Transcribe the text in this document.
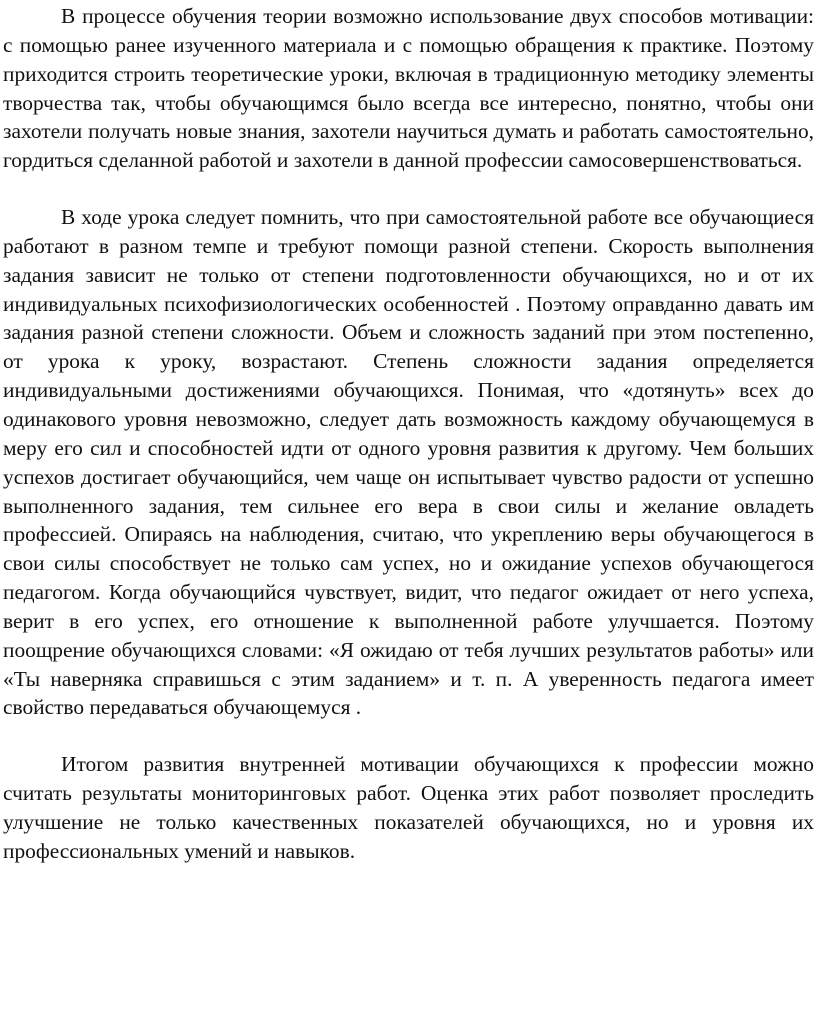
В процессе обучения теории возможно использование двух способов мотивации: с помощью ранее изученного материала и с помощью обращения к практике. Поэтому приходится строить теоретические уроки, включая в традиционную методику элементы творчества так, чтобы обучающимся было всегда все интересно, понятно, чтобы они захотели получать новые знания, захотели научиться думать и работать самостоятельно, гордиться сделанной работой и захотели в данной профессии самосовершенствоваться.

В ходе урока следует помнить, что при самостоятельной работе все обучающиеся работают в разном темпе и требуют помощи разной степени. Скорость выполнения задания зависит не только от степени подготовленности обучающихся, но и от их индивидуальных психофизиологических особенностей . Поэтому оправданно давать им задания разной степени сложности. Объем и сложность заданий при этом постепенно, от урока к уроку, возрастают. Степень сложности задания определяется индивидуальными достижениями обучающихся. Понимая, что «дотянуть» всех до одинакового уровня невозможно, следует дать возможность каждому обучающемуся в меру его сил и способностей идти от одного уровня развития к другому. Чем больших успехов достигает обучающийся, чем чаще он испытывает чувство радости от успешно выполненного задания, тем сильнее его вера в свои силы и желание овладеть профессией. Опираясь на наблюдения, считаю, что укреплению веры обучающегося в свои силы способствует не только сам успех, но и ожидание успехов обучающегося педагогом. Когда обучающийся чувствует, видит, что педагог ожидает от него успеха, верит в его успех, его отношение к выполненной работе улучшается. Поэтому поощрение обучающихся словами: «Я ожидаю от тебя лучших результатов работы» или «Ты наверняка справишься с этим заданием» и т. п. А уверенность педагога имеет свойство передаваться обучающемуся .

Итогом развития внутренней мотивации обучающихся к профессии можно считать результаты мониторинговых работ. Оценка этих работ позволяет проследить улучшение не только качественных показателей обучающихся, но и уровня их профессиональных умений и навыков.
